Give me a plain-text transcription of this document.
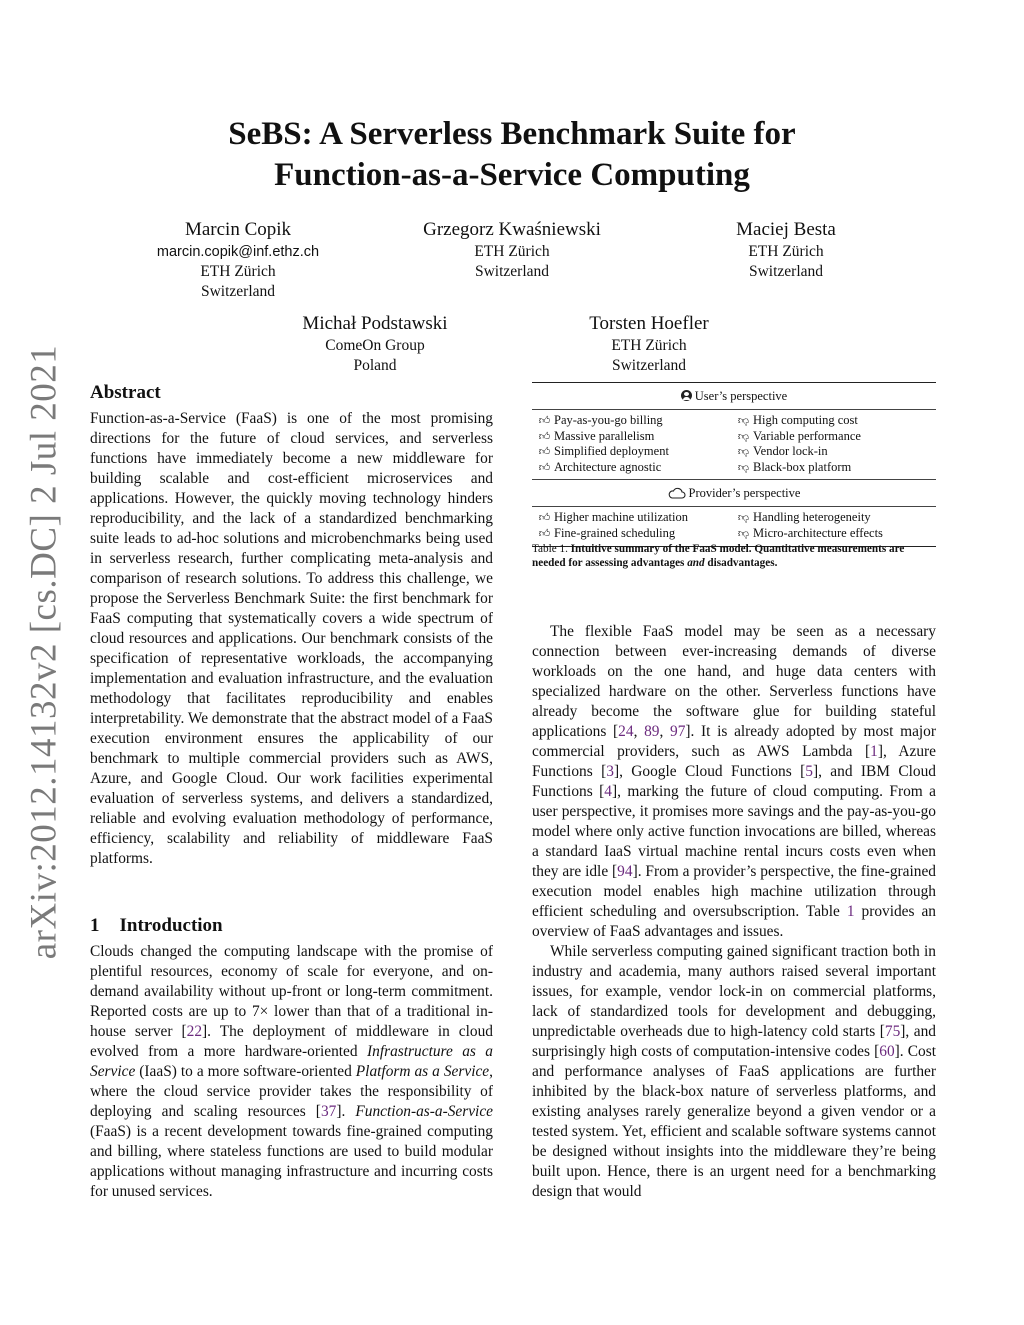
arXiv:2012.14132v2 [cs.DC] 2 Jul 2021
SeBS: A Serverless Benchmark Suite for
Function-as-a-Service Computing
Marcin Copik
marcin.copik@inf.ethz.ch
ETH Zürich
Switzerland
Grzegorz Kwaśniewski
ETH Zürich
Switzerland
Maciej Besta
ETH Zürich
Switzerland
Michał Podstawski
ComeOn Group
Poland
Torsten Hoefler
ETH Zürich
Switzerland
Abstract

Function-as-a-Service (FaaS) is one of the most promising directions for the future of cloud services, and serverless functions have immediately become a new middleware for building scalable and cost-efficient microservices and applications. However, the quickly moving technology hinders reproducibility, and the lack of a standardized benchmarking suite leads to ad-hoc solutions and microbenchmarks being used in serverless research, further complicating meta-analysis and comparison of research solutions. To address this challenge, we propose the Serverless Benchmark Suite: the first benchmark for FaaS computing that systematically covers a wide spectrum of cloud resources and applications. Our benchmark consists of the specification of representative workloads, the accompanying implementation and evaluation infrastructure, and the evaluation methodology that facilitates reproducibility and enables interpretability. We demonstrate that the abstract model of a FaaS execution environment ensures the applicability of our benchmark to multiple commercial providers such as AWS, Azure, and Google Cloud. Our work facilities experimental evaluation of serverless systems, and delivers a standardized, reliable and evolving evaluation methodology of performance, efficiency, scalability and reliability of middleware FaaS platforms.

1 Introduction

Clouds changed the computing landscape with the promise of plentiful resources, economy of scale for everyone, and on-demand availability without up-front or long-term commitment. Reported costs are up to 7× lower than that of a traditional in-house server [22]. The deployment of middleware in cloud evolved from a more hardware-oriented Infrastructure as a Service (IaaS) to a more software-oriented Platform as a Service, where the cloud service provider takes the responsibility of deploying and scaling resources [37]. Function-as-a-Service (FaaS) is a recent development towards fine-grained computing and billing, where stateless functions are used to build modular applications without managing infrastructure and incurring costs for unused services.

User’s perspective
👍︎ Pay-as-you-go billing
👍︎ Massive parallelism
👍︎ Simplified deployment
👍︎ Architecture agnostic
👎︎ High computing cost
👎︎ Variable performance
👎︎ Vendor lock-in
👎︎ Black-box platform
Provider’s perspective
👍︎ Higher machine utilization
👍︎ Fine-grained scheduling
👎︎ Handling heterogeneity
👎︎ Micro-architecture effects
Table 1. Intuitive summary of the FaaS model. Quantitative measurements are needed for assessing advantages and disadvantages.

The flexible FaaS model may be seen as a necessary connection between ever-increasing demands of diverse workloads on the one hand, and huge data centers with specialized hardware on the other. Serverless functions have already become the software glue for building stateful applications [24, 89, 97]. It is already adopted by most major commercial providers, such as AWS Lambda [1], Azure Functions [3], Google Cloud Functions [5], and IBM Cloud Functions [4], marking the future of cloud computing. From a user perspective, it promises more savings and the pay-as-you-go model where only active function invocations are billed, whereas a standard IaaS virtual machine rental incurs costs even when they are idle [94]. From a provider’s perspective, the fine-grained execution model enables high machine utilization through efficient scheduling and oversubscription. Table 1 provides an overview of FaaS advantages and issues.

While serverless computing gained significant traction both in industry and academia, many authors raised several important issues, for example, vendor lock-in on commercial platforms, lack of standardized tools for development and debugging, unpredictable overheads due to high-latency cold starts [75], and surprisingly high costs of computation-intensive codes [60]. Cost and performance analyses of FaaS applications are further inhibited by the black-box nature of serverless platforms, and existing analyses rarely generalize beyond a given vendor or a tested system. Yet, efficient and scalable software systems cannot be designed without insights into the middleware they’re being built upon. Hence, there is an urgent need for a benchmarking design that would
